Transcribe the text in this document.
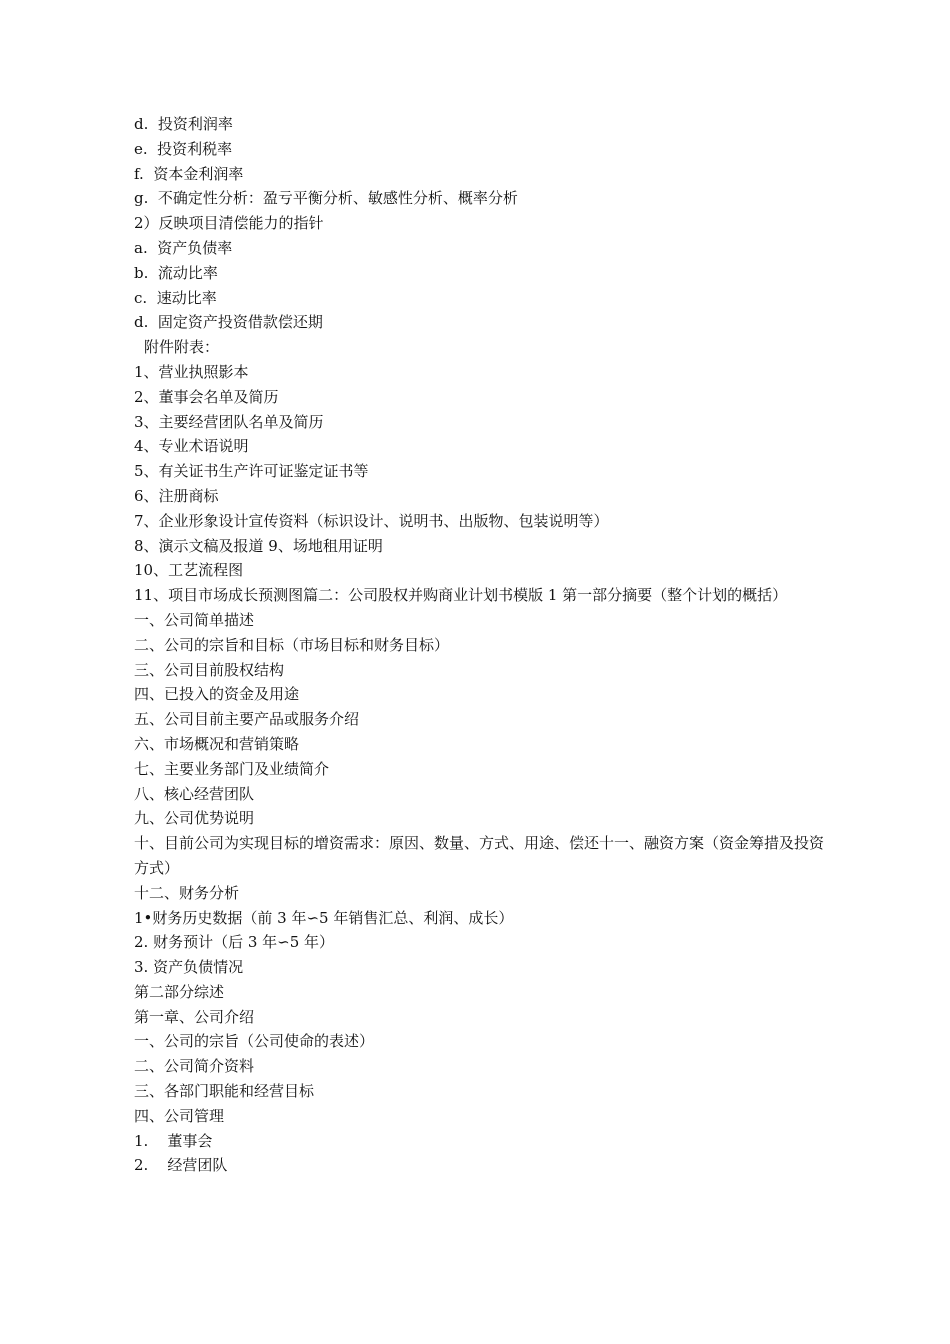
d.  投资利润率

e.  投资利税率

f.  资本金利润率

g.  不确定性分析：盈亏平衡分析、敏感性分析、概率分析

2）反映项目清偿能力的指针

a.  资产负债率

b.  流动比率

c.  速动比率

d.  固定资产投资借款偿还期

附件附表：

1、营业执照影本

2、董事会名单及简历

3、主要经营团队名单及简历

4、专业术语说明

5、有关证书生产许可证鉴定证书等

6、注册商标

7、企业形象设计宣传资料（标识设计、说明书、出版物、包装说明等）

8、演示文稿及报道 9、场地租用证明

10、工艺流程图

11、项目市场成长预测图篇二：公司股权并购商业计划书模版 1 第一部分摘要（整个计划的概括）

一、公司简单描述

二、公司的宗旨和目标（市场目标和财务目标）

三、公司目前股权结构

四、已投入的资金及用途

五、公司目前主要产品或服务介绍

六、市场概况和营销策略

七、主要业务部门及业绩简介

八、核心经营团队

九、公司优势说明

十、目前公司为实现目标的增资需求：原因、数量、方式、用途、偿还十一、融资方案（资金筹措及投资方式）

十二、财务分析

1•财务历史数据（前 3 年∽5 年销售汇总、利润、成长）

2. 财务预计（后 3 年∽5 年）

3. 资产负债情况

第二部分综述

第一章、公司介绍

一、公司的宗旨（公司使命的表述）

二、公司简介资料

三、各部门职能和经营目标

四、公司管理

1.    董事会

2.    经营团队
